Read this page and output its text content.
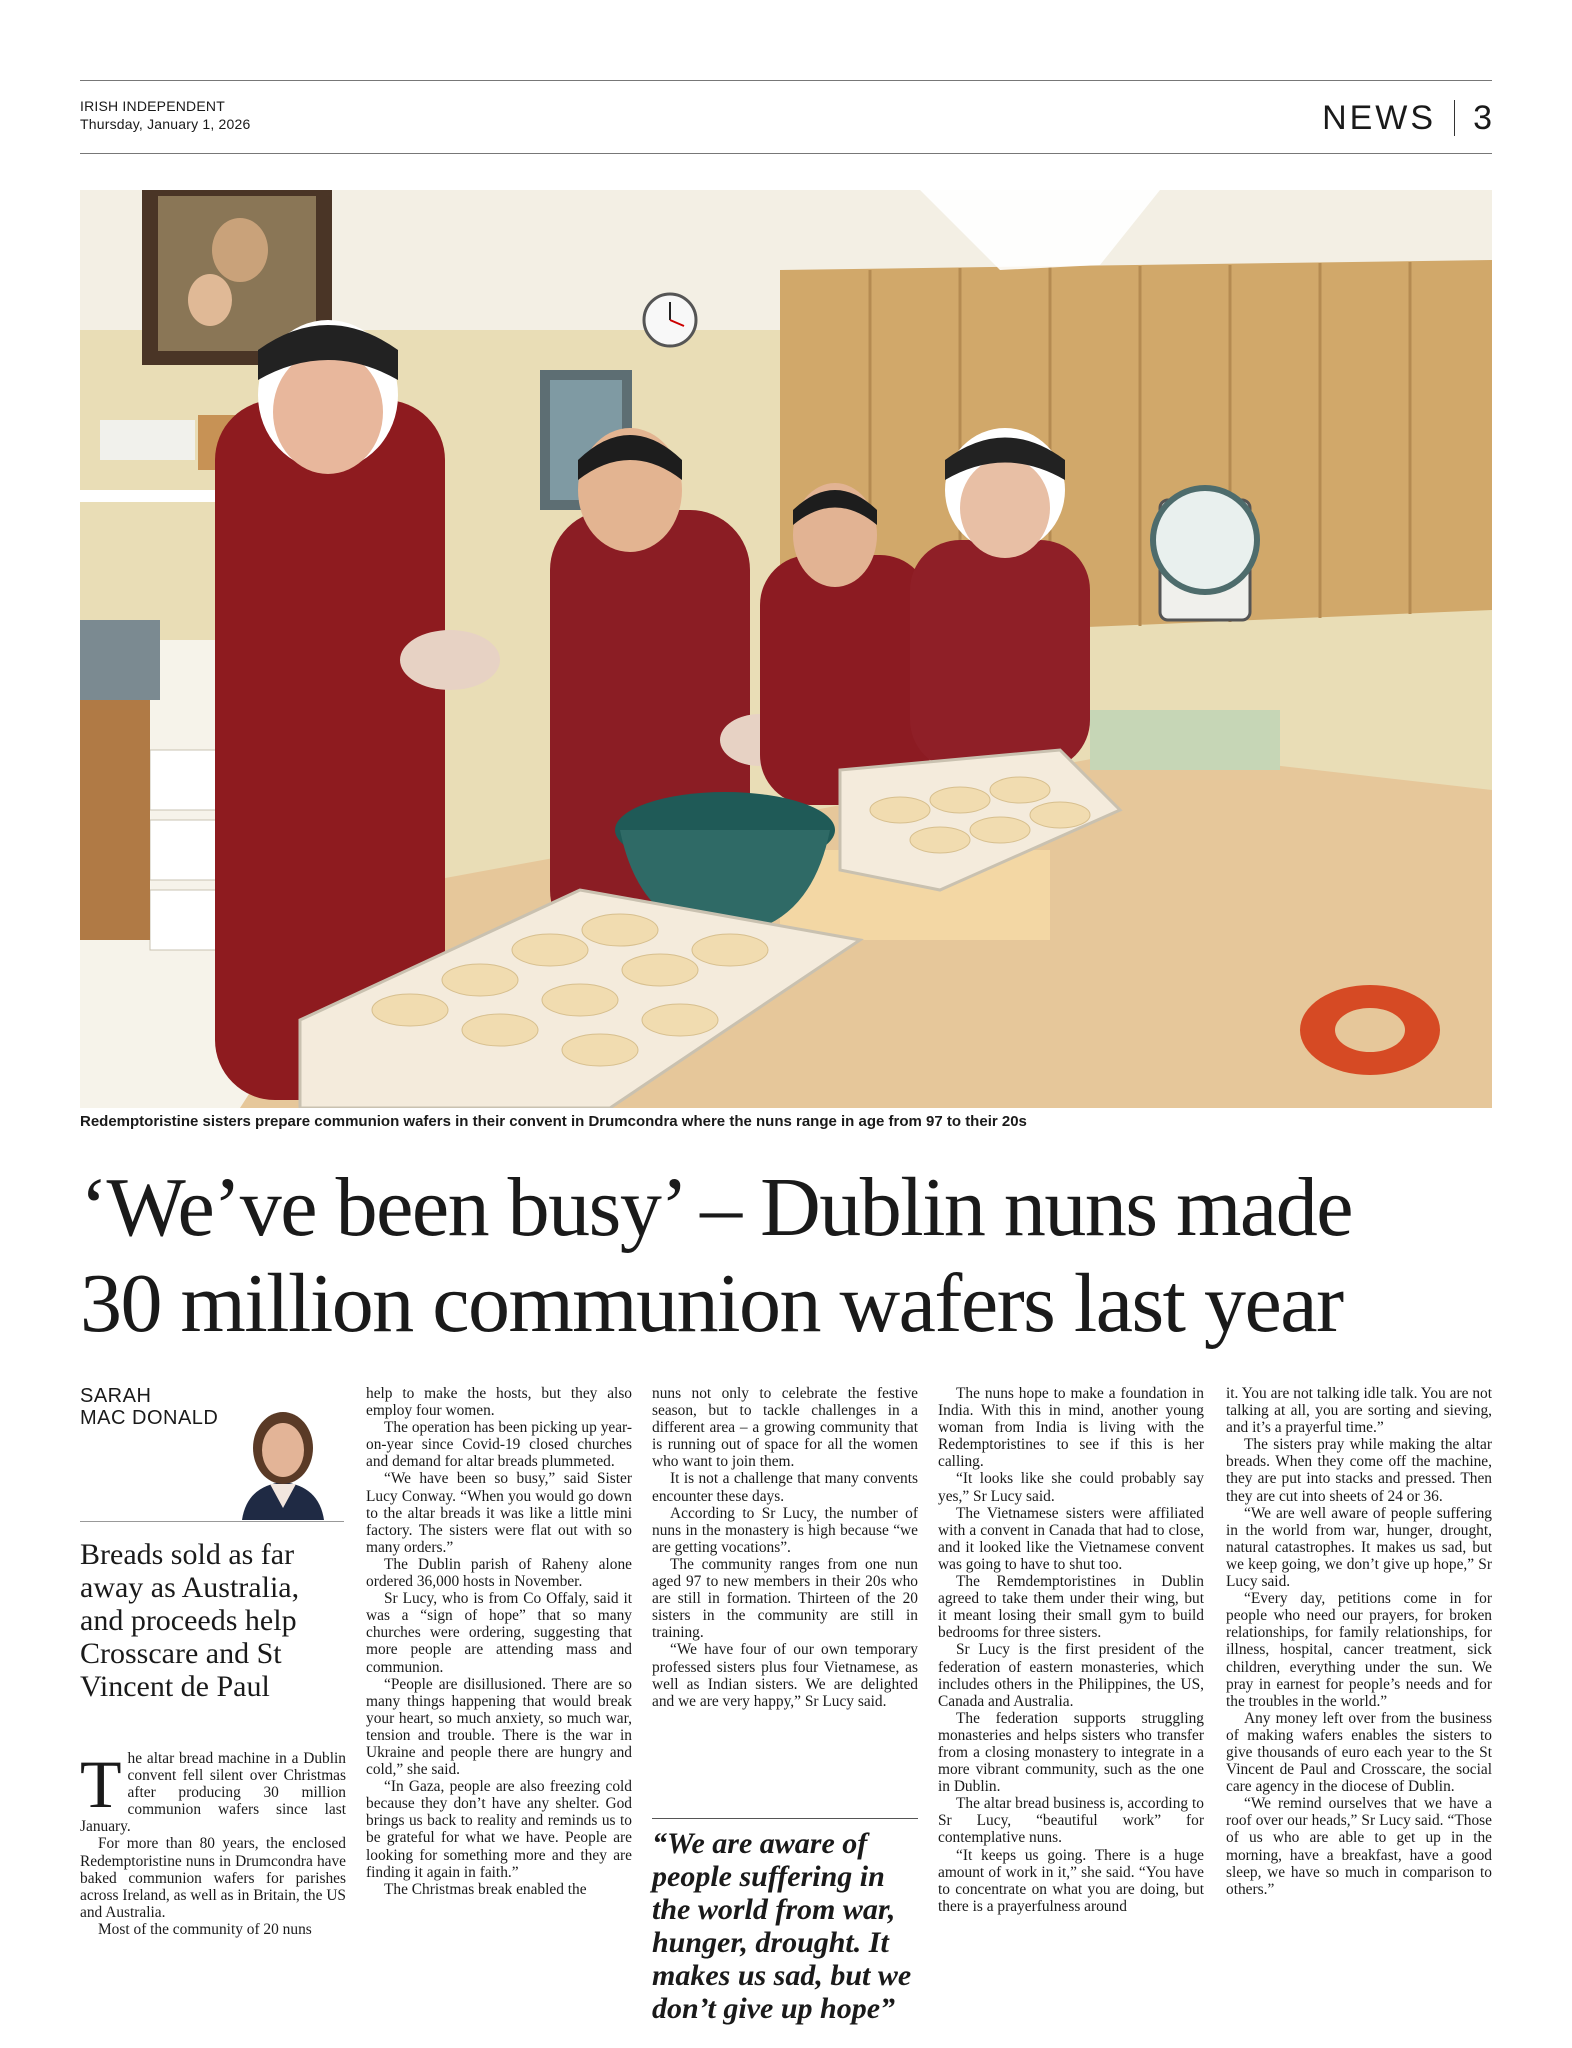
IRISH INDEPENDENT
Thursday, January 1, 2026	NEWS 3
Redemptoristine sisters prepare communion wafers in their convent in Drumcondra where the nuns range in age from 97 to their 20s
‘We’ve been busy’ – Dublin nuns made
30 million communion wafers last year
SARAH
MAC DONALD
Breads sold as far away as Australia, and proceeds help Crosscare and St Vincent de Paul
T he altar bread machine in a Dublin convent fell silent over Christmas after producing 30 million communion wafers since last January.

For more than 80 years, the enclosed Redemptoristine nuns in Drumcondra have baked communion wafers for parishes across Ireland, as well as in Britain, the US and Australia.

Most of the community of 20 nuns

help to make the hosts, but they also employ four women.

The operation has been picking up year-on-year since Covid-19 closed churches and demand for altar breads plummeted.

“We have been so busy,” said Sister Lucy Conway. “When you would go down to the altar breads it was like a little mini factory. The sisters were flat out with so many orders.”

The Dublin parish of Raheny alone ordered 36,000 hosts in November.

Sr Lucy, who is from Co Offaly, said it was a “sign of hope” that so many churches were ordering, suggesting that more people are attending mass and communion.

“People are disillusioned. There are so many things happening that would break your heart, so much anxiety, so much war, tension and trouble. There is the war in Ukraine and people there are hungry and cold,” she said.

“In Gaza, people are also freezing cold because they don’t have any shelter. God brings us back to reality and reminds us to be grateful for what we have. People are looking for something more and they are finding it again in faith.”

The Christmas break enabled the

nuns not only to celebrate the festive season, but to tackle challenges in a different area – a growing community that is running out of space for all the women who want to join them.

It is not a challenge that many convents encounter these days.

According to Sr Lucy, the number of nuns in the monastery is high because “we are getting vocations”.

The community ranges from one nun aged 97 to new members in their 20s who are still in formation. Thirteen of the 20 sisters in the community are still in training.

“We have four of our own temporary professed sisters plus four Vietnamese, as well as Indian sisters. We are delighted and we are very happy,” Sr Lucy said.

“We are aware of people suffering in the world from war, hunger, drought. It makes us sad, but we don’t give up hope”

The nuns hope to make a foundation in India. With this in mind, another young woman from India is living with the Redemptoristines to see if this is her calling.

“It looks like she could probably say yes,” Sr Lucy said.

The Vietnamese sisters were affiliated with a convent in Canada that had to close, and it looked like the Vietnamese convent was going to have to shut too.

The Remdemptoristines in Dublin agreed to take them under their wing, but it meant losing their small gym to build bedrooms for three sisters.

Sr Lucy is the first president of the federation of eastern monasteries, which includes others in the Philippines, the US, Canada and Australia.

The federation supports struggling monasteries and helps sisters who transfer from a closing monastery to integrate in a more vibrant community, such as the one in Dublin.

The altar bread business is, according to Sr Lucy, “beautiful work” for contemplative nuns.

“It keeps us going. There is a huge amount of work in it,” she said. “You have to concentrate on what you are doing, but there is a prayerfulness around

it. You are not talking idle talk. You are not talking at all, you are sorting and sieving, and it’s a prayerful time.”

The sisters pray while making the altar breads. When they come off the machine, they are put into stacks and pressed. Then they are cut into sheets of 24 or 36.

“We are well aware of people suffering in the world from war, hunger, drought, natural catastrophes. It makes us sad, but we keep going, we don’t give up hope,” Sr Lucy said.

“Every day, petitions come in for people who need our prayers, for broken relationships, for family relationships, for illness, hospital, cancer treatment, sick children, everything under the sun. We pray in earnest for people’s needs and for the troubles in the world.”

Any money left over from the business of making wafers enables the sisters to give thousands of euro each year to the St Vincent de Paul and Crosscare, the social care agency in the diocese of Dublin.

“We remind ourselves that we have a roof over our heads,” Sr Lucy said. “Those of us who are able to get up in the morning, have a breakfast, have a good sleep, we have so much in comparison to others.”
